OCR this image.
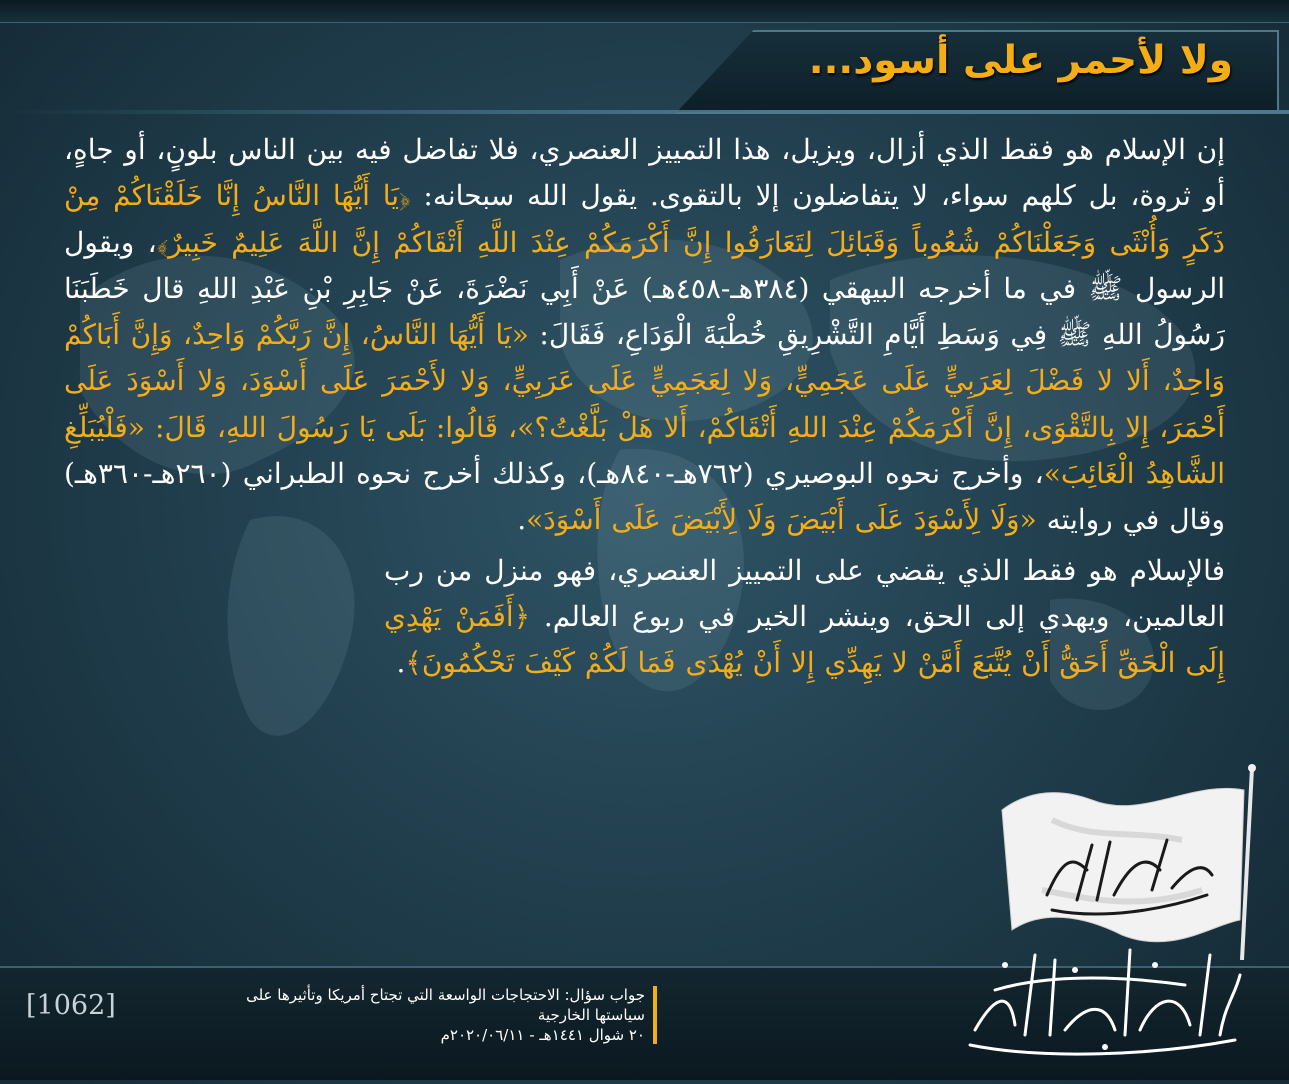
ولا لأحمر على أسود...

إن الإسلام هو فقط الذي أزال، ويزيل، هذا التمييز العنصري، فلا تفاضل فيه بين الناس بلونٍ، أو جاهٍ، أو ثروة، بل كلهم سواء، لا يتفاضلون إلا بالتقوى. يقول الله سبحانه: ﴿يَا أَيُّهَا النَّاسُ إِنَّا خَلَقْنَاكُمْ مِنْ ذَكَرٍ وَأُنْثَى وَجَعَلْنَاكُمْ شُعُوباً وَقَبَائِلَ لِتَعَارَفُوا إِنَّ أَكْرَمَكُمْ عِنْدَ اللَّهِ أَتْقَاكُمْ إِنَّ اللَّهَ عَلِيمٌ خَبِيرٌ﴾، ويقول الرسول ﷺ في ما أخرجه البيهقي (٣٨٤هـ-٤٥٨هـ) عَنْ أَبِي نَضْرَةَ، عَنْ جَابِرِ بْنِ عَبْدِ اللهِ قال خَطَبَنَا رَسُولُ اللهِ ﷺ فِي وَسَطِ أَيَّامِ التَّشْرِيقِ خُطْبَةَ الْوَدَاعِ، فَقَالَ: «يَا أَيُّهَا النَّاسُ، إِنَّ رَبَّكُمْ وَاحِدٌ، وَإِنَّ أَبَاكُمْ وَاحِدٌ، أَلا لا فَضْلَ لِعَرَبِيٍّ عَلَى عَجَمِيٍّ، وَلا لِعَجَمِيٍّ عَلَى عَرَبِيٍّ، وَلا لأَحْمَرَ عَلَى أَسْوَدَ، وَلا أَسْوَدَ عَلَى أَحْمَرَ، إِلا بِالتَّقْوَى، إِنَّ أَكْرَمَكُمْ عِنْدَ اللهِ أَتْقَاكُمْ، أَلا هَلْ بَلَّغْتُ؟»، قَالُوا: بَلَى يَا رَسُولَ اللهِ، قَالَ: «فَلْيُبَلِّغِ الشَّاهِدُ الْغَائِبَ»، وأخرج نحوه البوصيري (٧٦٢هـ-٨٤٠هـ)، وكذلك أخرج نحوه الطبراني (٢٦٠هـ-٣٦٠هـ) وقال في روايته «وَلَا لِأَسْوَدَ عَلَى أَبْيَضَ وَلَا لِأَبْيَضَ عَلَى أَسْوَدَ».

فالإسلام هو فقط الذي يقضي على التمييز العنصري، فهو منزل من رب العالمين، ويهدي إلى الحق، وينشر الخير في ربوع العالم. ﴿أَفَمَنْ يَهْدِي إِلَى الْحَقِّ أَحَقُّ أَنْ يُتَّبَعَ أَمَّنْ لا يَهِدِّي إِلا أَنْ يُهْدَى فَمَا لَكُمْ كَيْفَ تَحْكُمُونَ﴾.

[1062]	جواب سؤال: الاحتجاجات الواسعة التي تجتاح أمريكا وتأثيرها على
سياستها الخارجية
٢٠ شوال ١٤٤١هـ - ٢٠٢٠/٠٦/١١م
